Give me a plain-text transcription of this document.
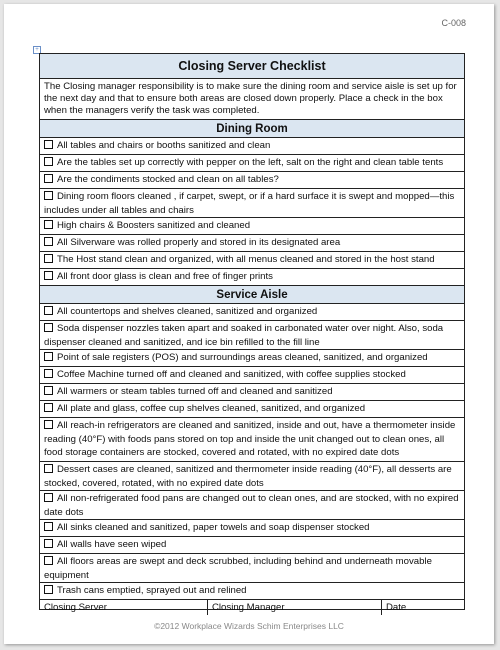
C-008
+
Closing Server Checklist
The Closing manager responsibility is to make sure the dining room and service aisle is set up for the next day and that to ensure both areas are closed down properly. Place a check in the box when the managers verify the task was completed.
Dining Room
All tables and chairs or booths sanitized and clean
Are the tables set up correctly with pepper on the left, salt on the right and clean table tents
Are the condiments stocked and clean on all tables?
Dining room floors cleaned , if carpet, swept, or if a hard surface it is swept and mopped—this includes under all tables and chairs
High chairs & Boosters sanitized and cleaned
All Silverware was rolled properly and stored in its designated area
The Host stand clean and organized, with all menus cleaned and stored in the host stand
All front door glass is clean and free of finger prints
Service Aisle
All countertops and shelves cleaned, sanitized and organized
Soda dispenser nozzles taken apart and soaked in carbonated water over night. Also, soda dispenser cleaned and sanitized, and ice bin refilled to the fill line
Point of sale registers (POS) and surroundings areas cleaned, sanitized, and organized
Coffee Machine turned off and cleaned and sanitized, with coffee supplies stocked
All warmers or steam tables turned off and cleaned and sanitized
All plate and glass, coffee cup shelves cleaned, sanitized, and organized
All reach-in refrigerators are cleaned and sanitized, inside and out, have a thermometer inside reading (40°F) with foods pans stored on top and inside the unit changed out to clean ones, all food storage containers are stocked, covered and rotated, with no expired date dots
Dessert cases are cleaned, sanitized and thermometer inside reading (40°F), all desserts are stocked, covered, rotated, with no expired date dots
All non-refrigerated food pans are changed out to clean ones, and are stocked, with no expired date dots
All sinks cleaned and sanitized, paper towels and soap dispenser stocked
All walls have seen wiped
All floors areas are swept and deck scrubbed, including behind and underneath movable equipment
Trash cans emptied, sprayed out and relined
Closing Server	Closing Manager	Date
©2012 Workplace Wizards Schim Enterprises LLC
